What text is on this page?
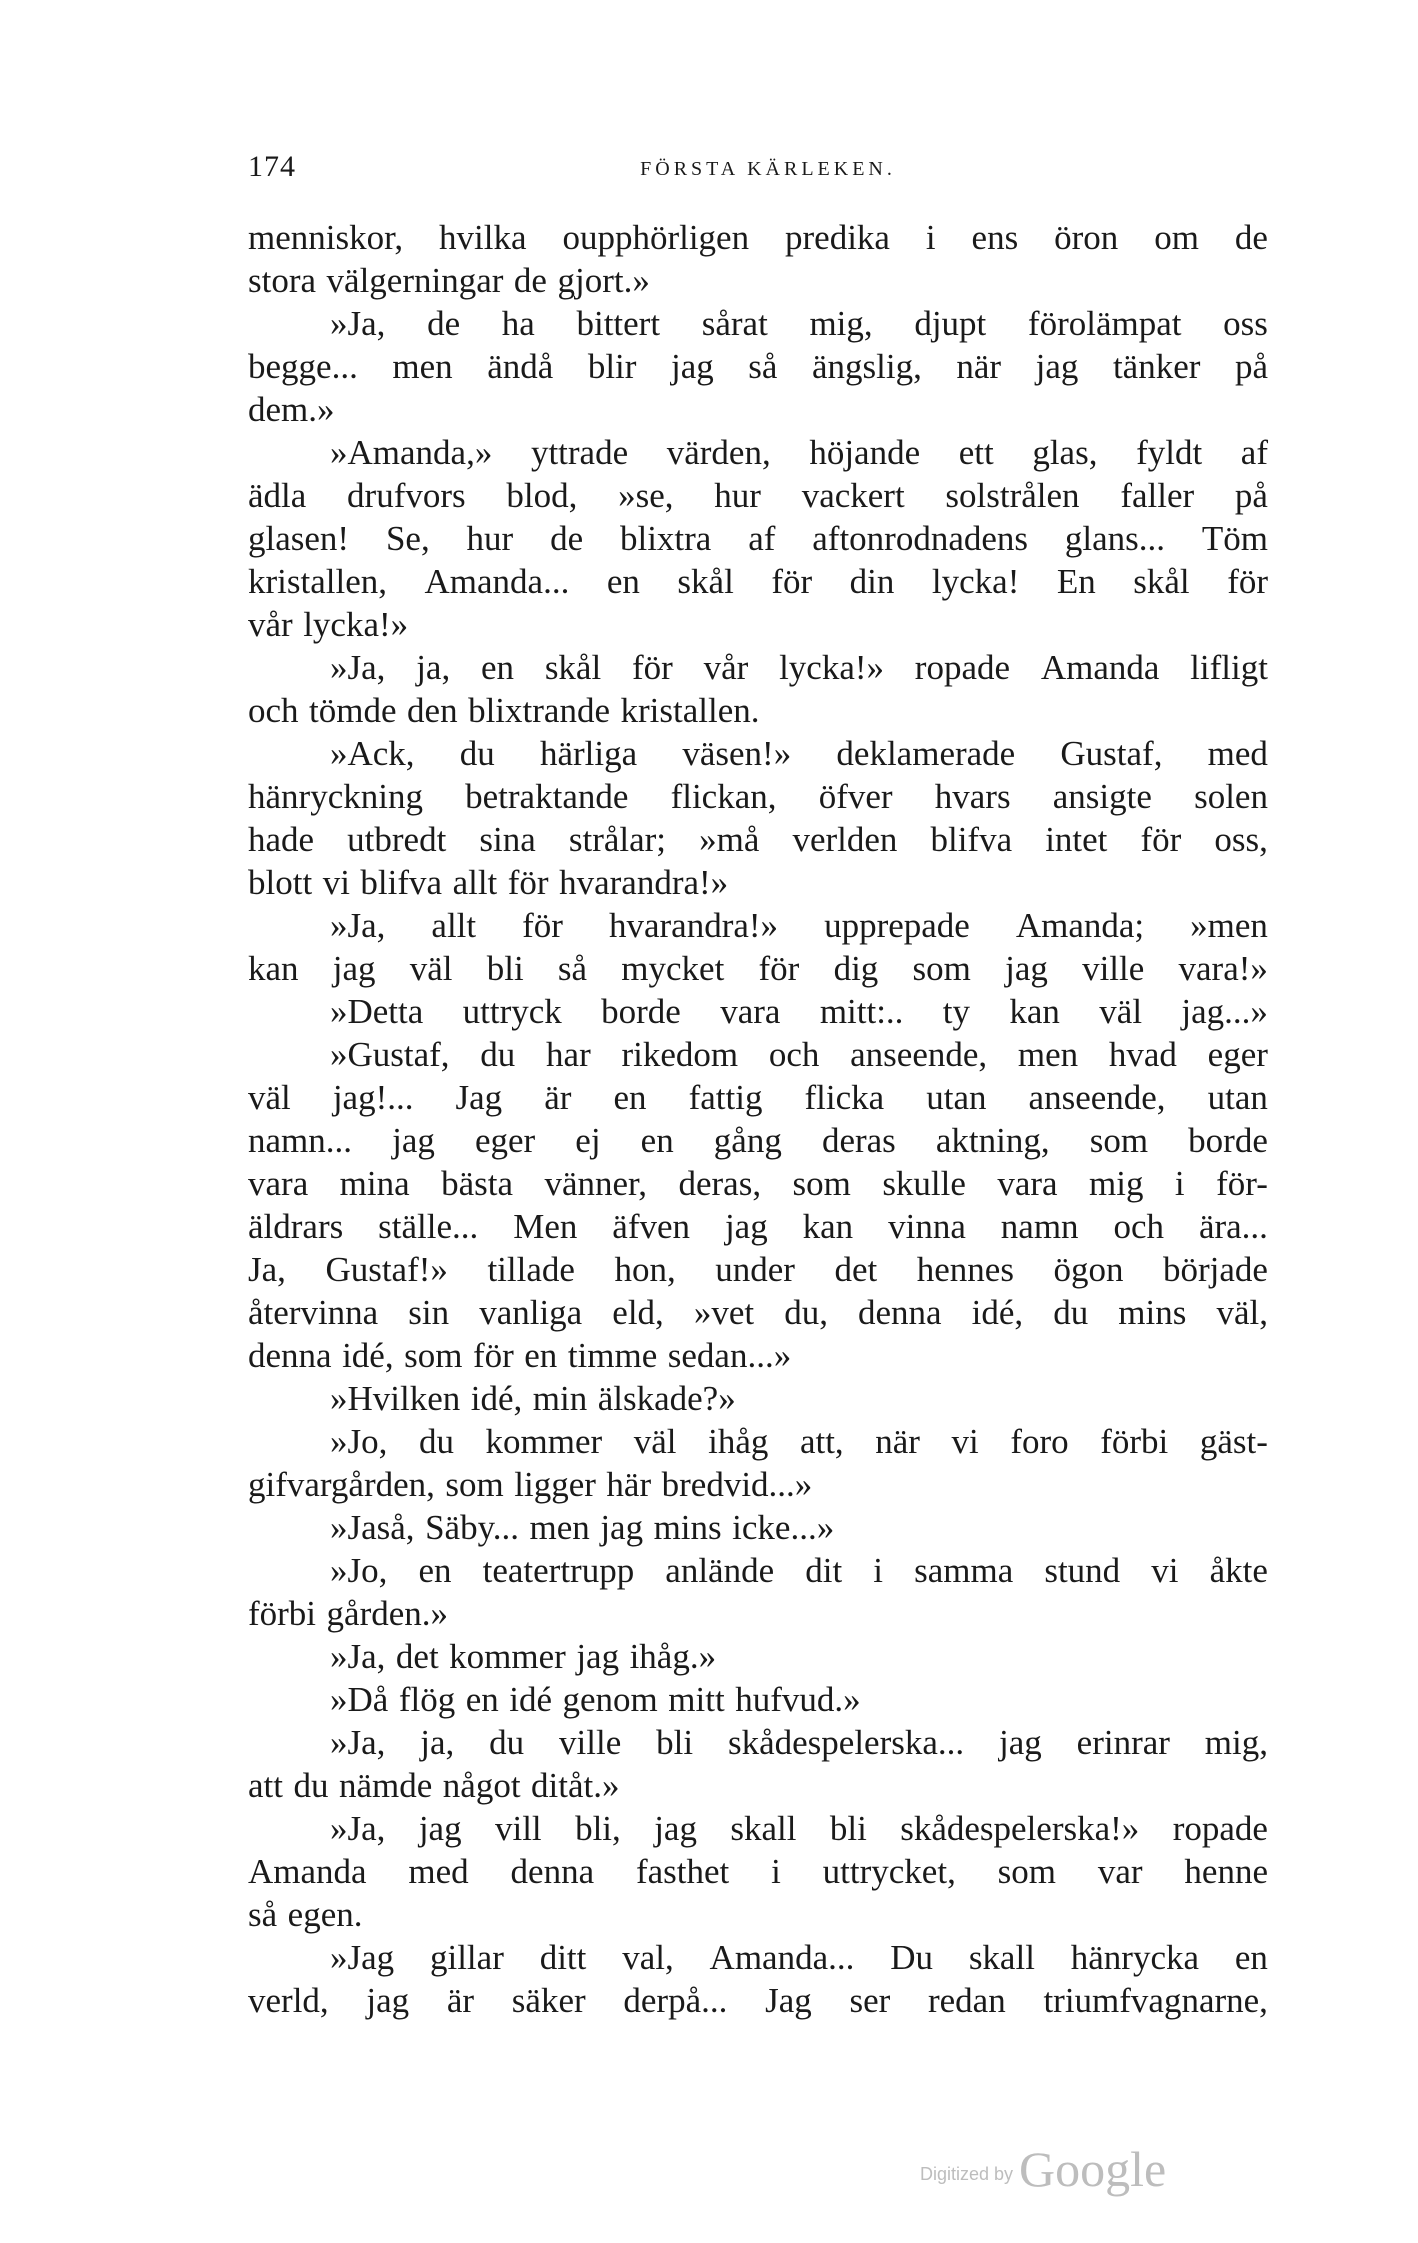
174	FÖRSTA KÄRLEKEN.
menniskor, hvilka oupphörligen predika i ens öron om de
stora välgerningar de gjort.»
»Ja, de ha bittert sårat mig, djupt förolämpat oss
begge... men ändå blir jag så ängslig, när jag tänker på
dem.»
»Amanda,» yttrade värden, höjande ett glas, fyldt af
ädla drufvors blod, »se, hur vackert solstrålen faller på
glasen! Se, hur de blixtra af aftonrodnadens glans... Töm
kristallen, Amanda... en skål för din lycka! En skål för
vår lycka!»
»Ja, ja, en skål för vår lycka!» ropade Amanda lifligt
och tömde den blixtrande kristallen.
»Ack, du härliga väsen!» deklamerade Gustaf, med
hänryckning betraktande flickan, öfver hvars ansigte solen
hade utbredt sina strålar; »må verlden blifva intet för oss,
blott vi blifva allt för hvarandra!»
»Ja, allt för hvarandra!» upprepade Amanda; »men
kan jag väl bli så mycket för dig som jag ville vara!»
»Detta uttryck borde vara mitt:.. ty kan väl jag...»
»Gustaf, du har rikedom och anseende, men hvad eger
väl jag!... Jag är en fattig flicka utan anseende, utan
namn... jag eger ej en gång deras aktning, som borde
vara mina bästa vänner, deras, som skulle vara mig i för-
äldrars ställe... Men äfven jag kan vinna namn och ära...
Ja, Gustaf!» tillade hon, under det hennes ögon började
återvinna sin vanliga eld, »vet du, denna idé, du mins väl,
denna idé, som för en timme sedan...»
»Hvilken idé, min älskade?»
»Jo, du kommer väl ihåg att, när vi foro förbi gäst-
gifvargården, som ligger här bredvid...»
»Jaså, Säby... men jag mins icke...»
»Jo, en teatertrupp anlände dit i samma stund vi åkte
förbi gården.»
»Ja, det kommer jag ihåg.»
»Då flög en idé genom mitt hufvud.»
»Ja, ja, du ville bli skådespelerska... jag erinrar mig,
att du nämde något ditåt.»
»Ja, jag vill bli, jag skall bli skådespelerska!» ropade
Amanda med denna fasthet i uttrycket, som var henne
så egen.
»Jag gillar ditt val, Amanda... Du skall hänrycka en
verld, jag är säker derpå... Jag ser redan triumfvagnarne,
Digitized by Google
